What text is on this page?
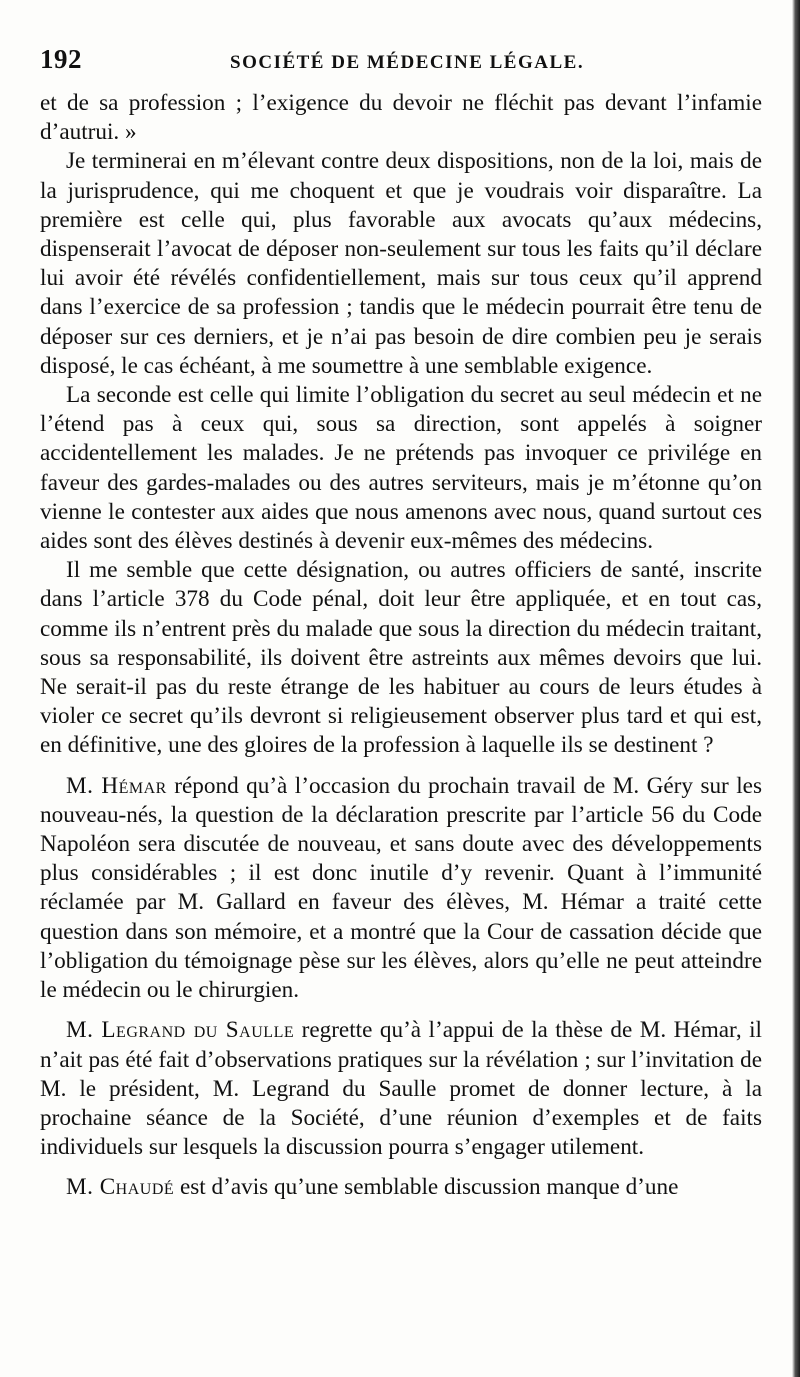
192	SOCIÉTÉ DE MÉDECINE LÉGALE.

et de sa profession ; l’exigence du devoir ne fléchit pas devant l’infamie d’autrui. »

Je terminerai en m’élevant contre deux dispositions, non de la loi, mais de la jurisprudence, qui me choquent et que je voudrais voir disparaître. La première est celle qui, plus favorable aux avocats qu’aux médecins, dispenserait l’avocat de déposer non-seulement sur tous les faits qu’il déclare lui avoir été révélés confidentiellement, mais sur tous ceux qu’il apprend dans l’exercice de sa profession ; tandis que le médecin pourrait être tenu de déposer sur ces derniers, et je n’ai pas besoin de dire combien peu je serais disposé, le cas échéant, à me soumettre à une semblable exigence.

La seconde est celle qui limite l’obligation du secret au seul médecin et ne l’étend pas à ceux qui, sous sa direction, sont appelés à soigner accidentellement les malades. Je ne prétends pas invoquer ce privilége en faveur des gardes-malades ou des autres serviteurs, mais je m’étonne qu’on vienne le contester aux aides que nous amenons avec nous, quand surtout ces aides sont des élèves destinés à devenir eux-mêmes des médecins.

Il me semble que cette désignation, ou autres officiers de santé, inscrite dans l’article 378 du Code pénal, doit leur être appliquée, et en tout cas, comme ils n’entrent près du malade que sous la direction du médecin traitant, sous sa responsabilité, ils doivent être astreints aux mêmes devoirs que lui. Ne serait-il pas du reste étrange de les habituer au cours de leurs études à violer ce secret qu’ils devront si religieusement observer plus tard et qui est, en définitive, une des gloires de la profession à laquelle ils se destinent ?

M. Hémar répond qu’à l’occasion du prochain travail de M. Géry sur les nouveau-nés, la question de la déclaration prescrite par l’article 56 du Code Napoléon sera discutée de nouveau, et sans doute avec des développements plus considérables ; il est donc inutile d’y revenir. Quant à l’immunité réclamée par M. Gallard en faveur des élèves, M. Hémar a traité cette question dans son mémoire, et a montré que la Cour de cassation décide que l’obligation du témoignage pèse sur les élèves, alors qu’elle ne peut atteindre le médecin ou le chirurgien.

M. Legrand du Saulle regrette qu’à l’appui de la thèse de M. Hémar, il n’ait pas été fait d’observations pratiques sur la révélation ; sur l’invitation de M. le président, M. Legrand du Saulle promet de donner lecture, à la prochaine séance de la Société, d’une réunion d’exemples et de faits individuels sur lesquels la discussion pourra s’engager utilement.

M. Chaudé est d’avis qu’une semblable discussion manque d’une
